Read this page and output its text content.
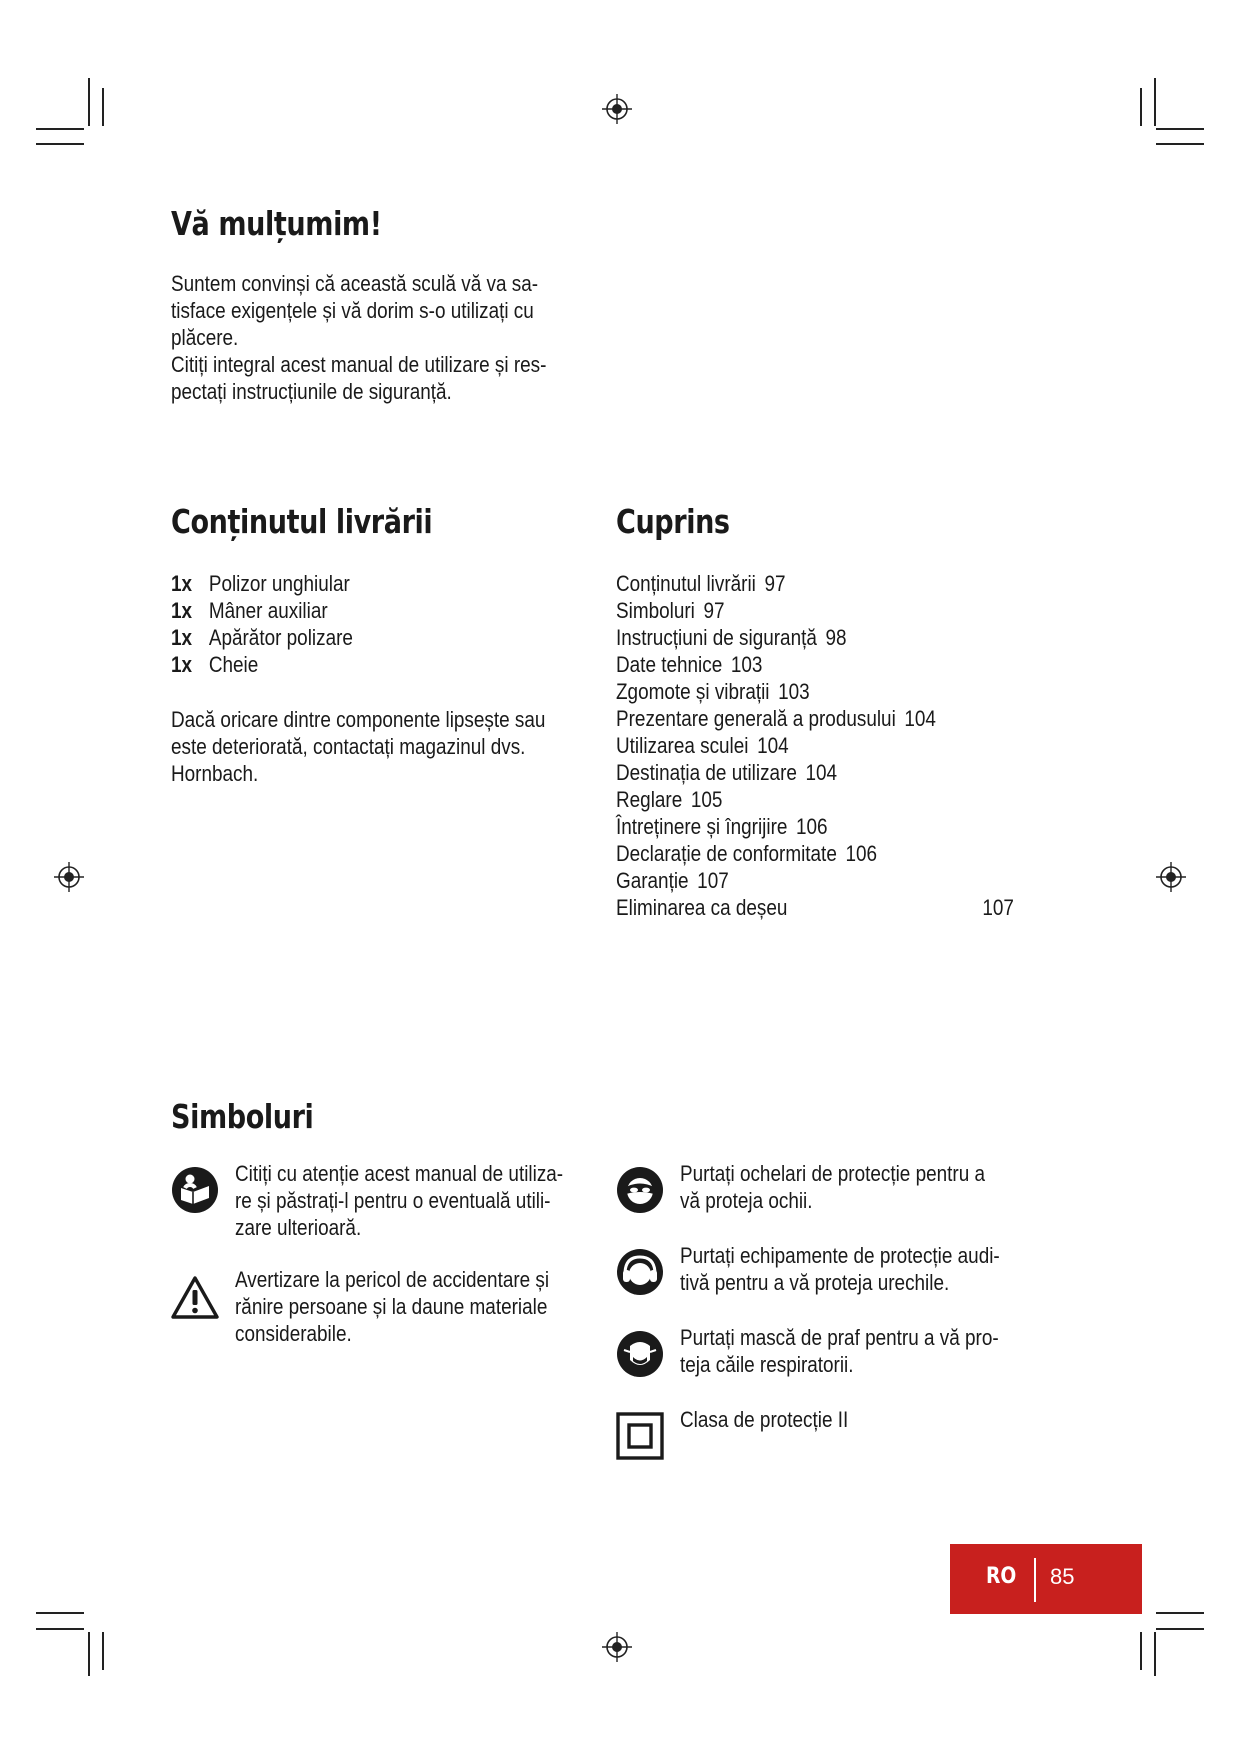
Vă mulțumim!
Suntem convinși că această sculă vă va sa-
tisface exigențele și vă dorim s-o utilizați cu
plăcere.
Citiți integral acest manual de utilizare și res-
pectați instrucțiunile de siguranță.
Conținutul livrării
1x Polizor unghiular
1x Mâner auxiliar
1x Apărător polizare
1x Cheie
Dacă oricare dintre componente lipsește sau
este deteriorată, contactați magazinul dvs.
Hornbach.
Cuprins
Conținutul livrării 97
Simboluri 97
Instrucțiuni de siguranță 98
Date tehnice 103
Zgomote și vibrații 103
Prezentare generală a produsului 104
Utilizarea sculei 104
Destinația de utilizare 104
Reglare 105
Întreținere și îngrijire 106
Declarație de conformitate 106
Garanție 107
Eliminarea ca deșeu	107
Simboluri
Citiți cu atenție acest manual de utiliza-
re și păstrați-l pentru o eventuală utili-
zare ulterioară.
Avertizare la pericol de accidentare și
rănire persoane și la daune materiale
considerabile.
Purtați ochelari de protecție pentru a
vă proteja ochii.
Purtați echipamente de protecție audi-
tivă pentru a vă proteja urechile.
Purtați mască de praf pentru a vă pro-
teja căile respiratorii.
Clasa de protecție II
RO 85
